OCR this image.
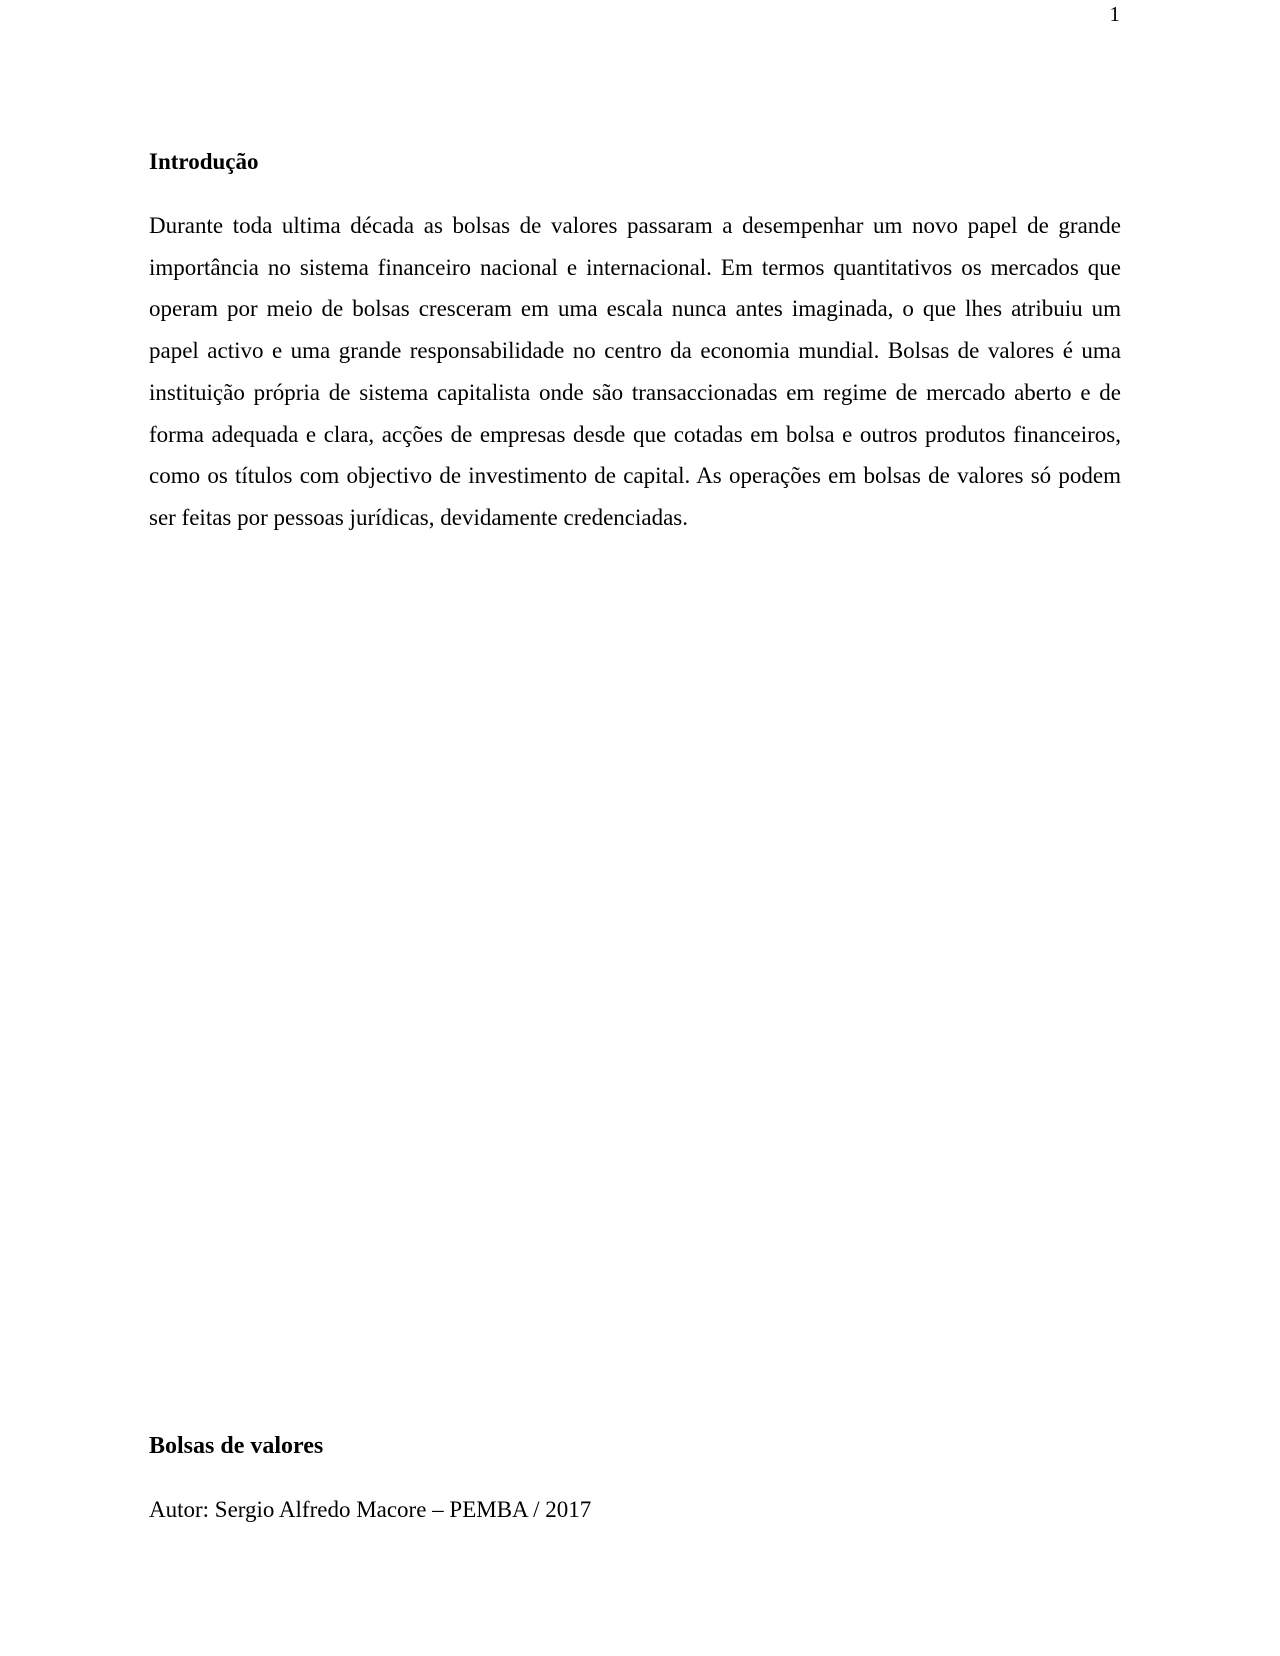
1
Introdução

Durante toda ultima década as bolsas de valores passaram a desempenhar um novo papel de grande importância no sistema financeiro nacional e internacional. Em termos quantitativos os mercados que operam por meio de bolsas cresceram em uma escala nunca antes imaginada, o que lhes atribuiu um papel activo e uma grande responsabilidade no centro da economia mundial. Bolsas de valores é uma instituição própria de sistema capitalista onde são transaccionadas em regime de mercado aberto e de forma adequada e clara, acções de empresas desde que cotadas em bolsa e outros produtos financeiros, como os títulos com objectivo de investimento de capital. As operações em bolsas de valores só podem ser feitas por pessoas jurídicas, devidamente credenciadas.

Bolsas de valores

Autor: Sergio Alfredo Macore – PEMBA / 2017
